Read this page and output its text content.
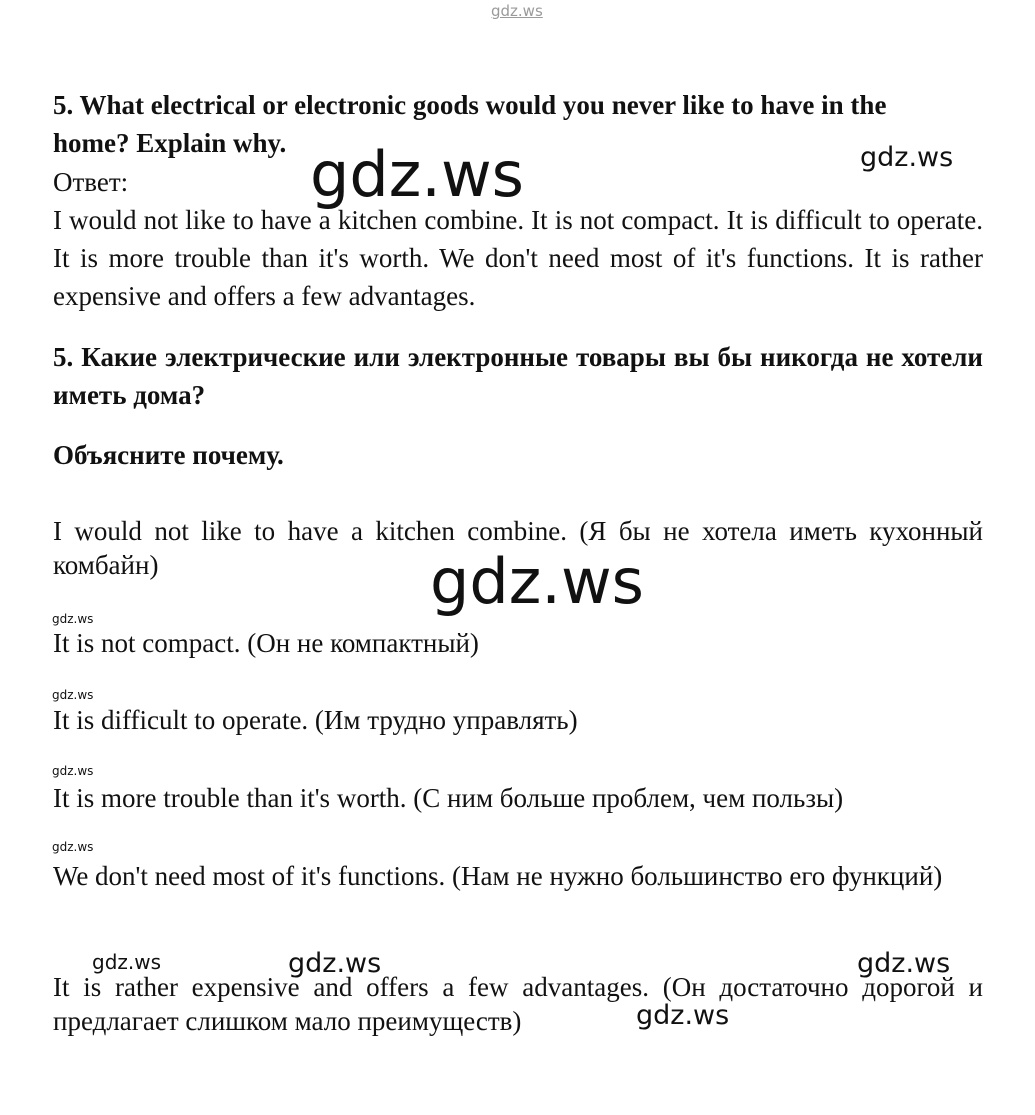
gdz.ws
gdz.ws	gdz.ws
gdz.ws
gdz.ws
gdz.ws
gdz.ws
gdz.ws
gdz.ws	gdz.ws	gdz.ws
gdz.ws
5. What electrical or electronic goods would you never like to have in the
home? Explain why.
Ответ:
I would not like to have a kitchen combine. It is not compact. It is difficult to operate. It is more trouble than it's worth. We don't need most of it's functions. It is rather expensive and offers a few advantages.
5. Какие электрические или электронные товары вы бы никогда не хотели иметь дома?
Объясните почему.
I would not like to have a kitchen combine. (Я бы не хотела иметь кухонный комбайн)
It is not compact. (Он не компактный)
It is difficult to operate. (Им трудно управлять)
It is more trouble than it's worth. (С ним больше проблем, чем пользы)
We don't need most of it's functions. (Нам не нужно большинство его функций)
It is rather expensive and offers a few advantages. (Он достаточно дорогой и предлагает слишком мало преимуществ)
